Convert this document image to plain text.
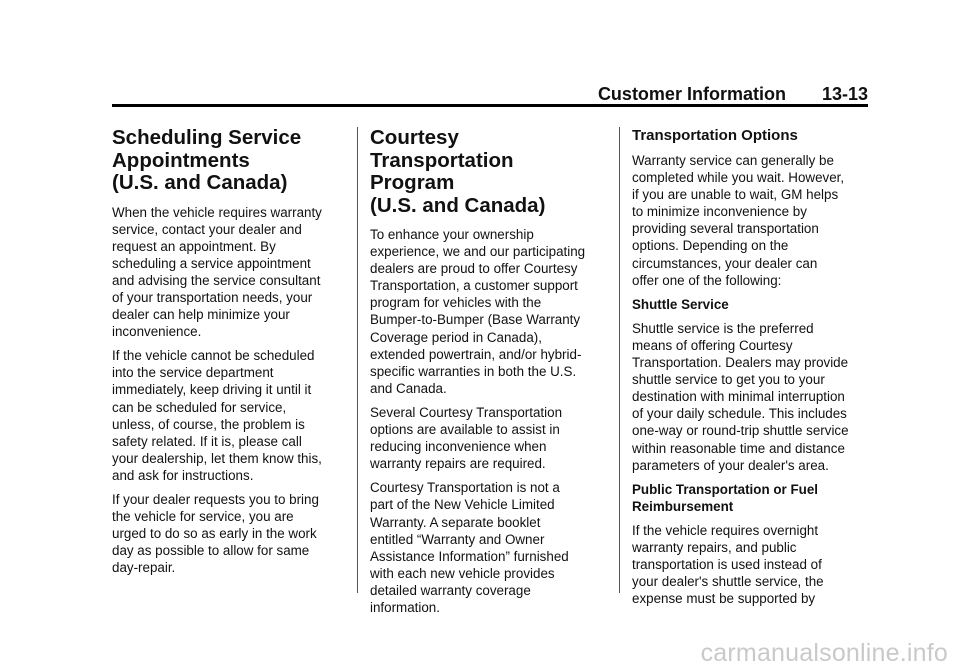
Customer Information 13-13
Scheduling Service
Appointments
(U.S. and Canada)

When the vehicle requires warranty
service, contact your dealer and
request an appointment. By
scheduling a service appointment
and advising the service consultant
of your transportation needs, your
dealer can help minimize your
inconvenience.

If the vehicle cannot be scheduled
into the service department
immediately, keep driving it until it
can be scheduled for service,
unless, of course, the problem is
safety related. If it is, please call
your dealership, let them know this,
and ask for instructions.

If your dealer requests you to bring
the vehicle for service, you are
urged to do so as early in the work
day as possible to allow for same
day-repair.

Courtesy Transportation
Program
(U.S. and Canada)

To enhance your ownership
experience, we and our participating
dealers are proud to offer Courtesy
Transportation, a customer support
program for vehicles with the
Bumper-to-Bumper (Base Warranty
Coverage period in Canada),
extended powertrain, and/or hybrid-
specific warranties in both the U.S.
and Canada.

Several Courtesy Transportation
options are available to assist in
reducing inconvenience when
warranty repairs are required.

Courtesy Transportation is not a
part of the New Vehicle Limited
Warranty. A separate booklet
entitled “Warranty and Owner
Assistance Information” furnished
with each new vehicle provides
detailed warranty coverage
information.

Transportation Options

Warranty service can generally be
completed while you wait. However,
if you are unable to wait, GM helps
to minimize inconvenience by
providing several transportation
options. Depending on the
circumstances, your dealer can
offer one of the following:

Shuttle Service

Shuttle service is the preferred
means of offering Courtesy
Transportation. Dealers may provide
shuttle service to get you to your
destination with minimal interruption
of your daily schedule. This includes
one-way or round-trip shuttle service
within reasonable time and distance
parameters of your dealer's area.

Public Transportation or Fuel
Reimbursement

If the vehicle requires overnight
warranty repairs, and public
transportation is used instead of
your dealer's shuttle service, the
expense must be supported by

carmanualsonline.info
